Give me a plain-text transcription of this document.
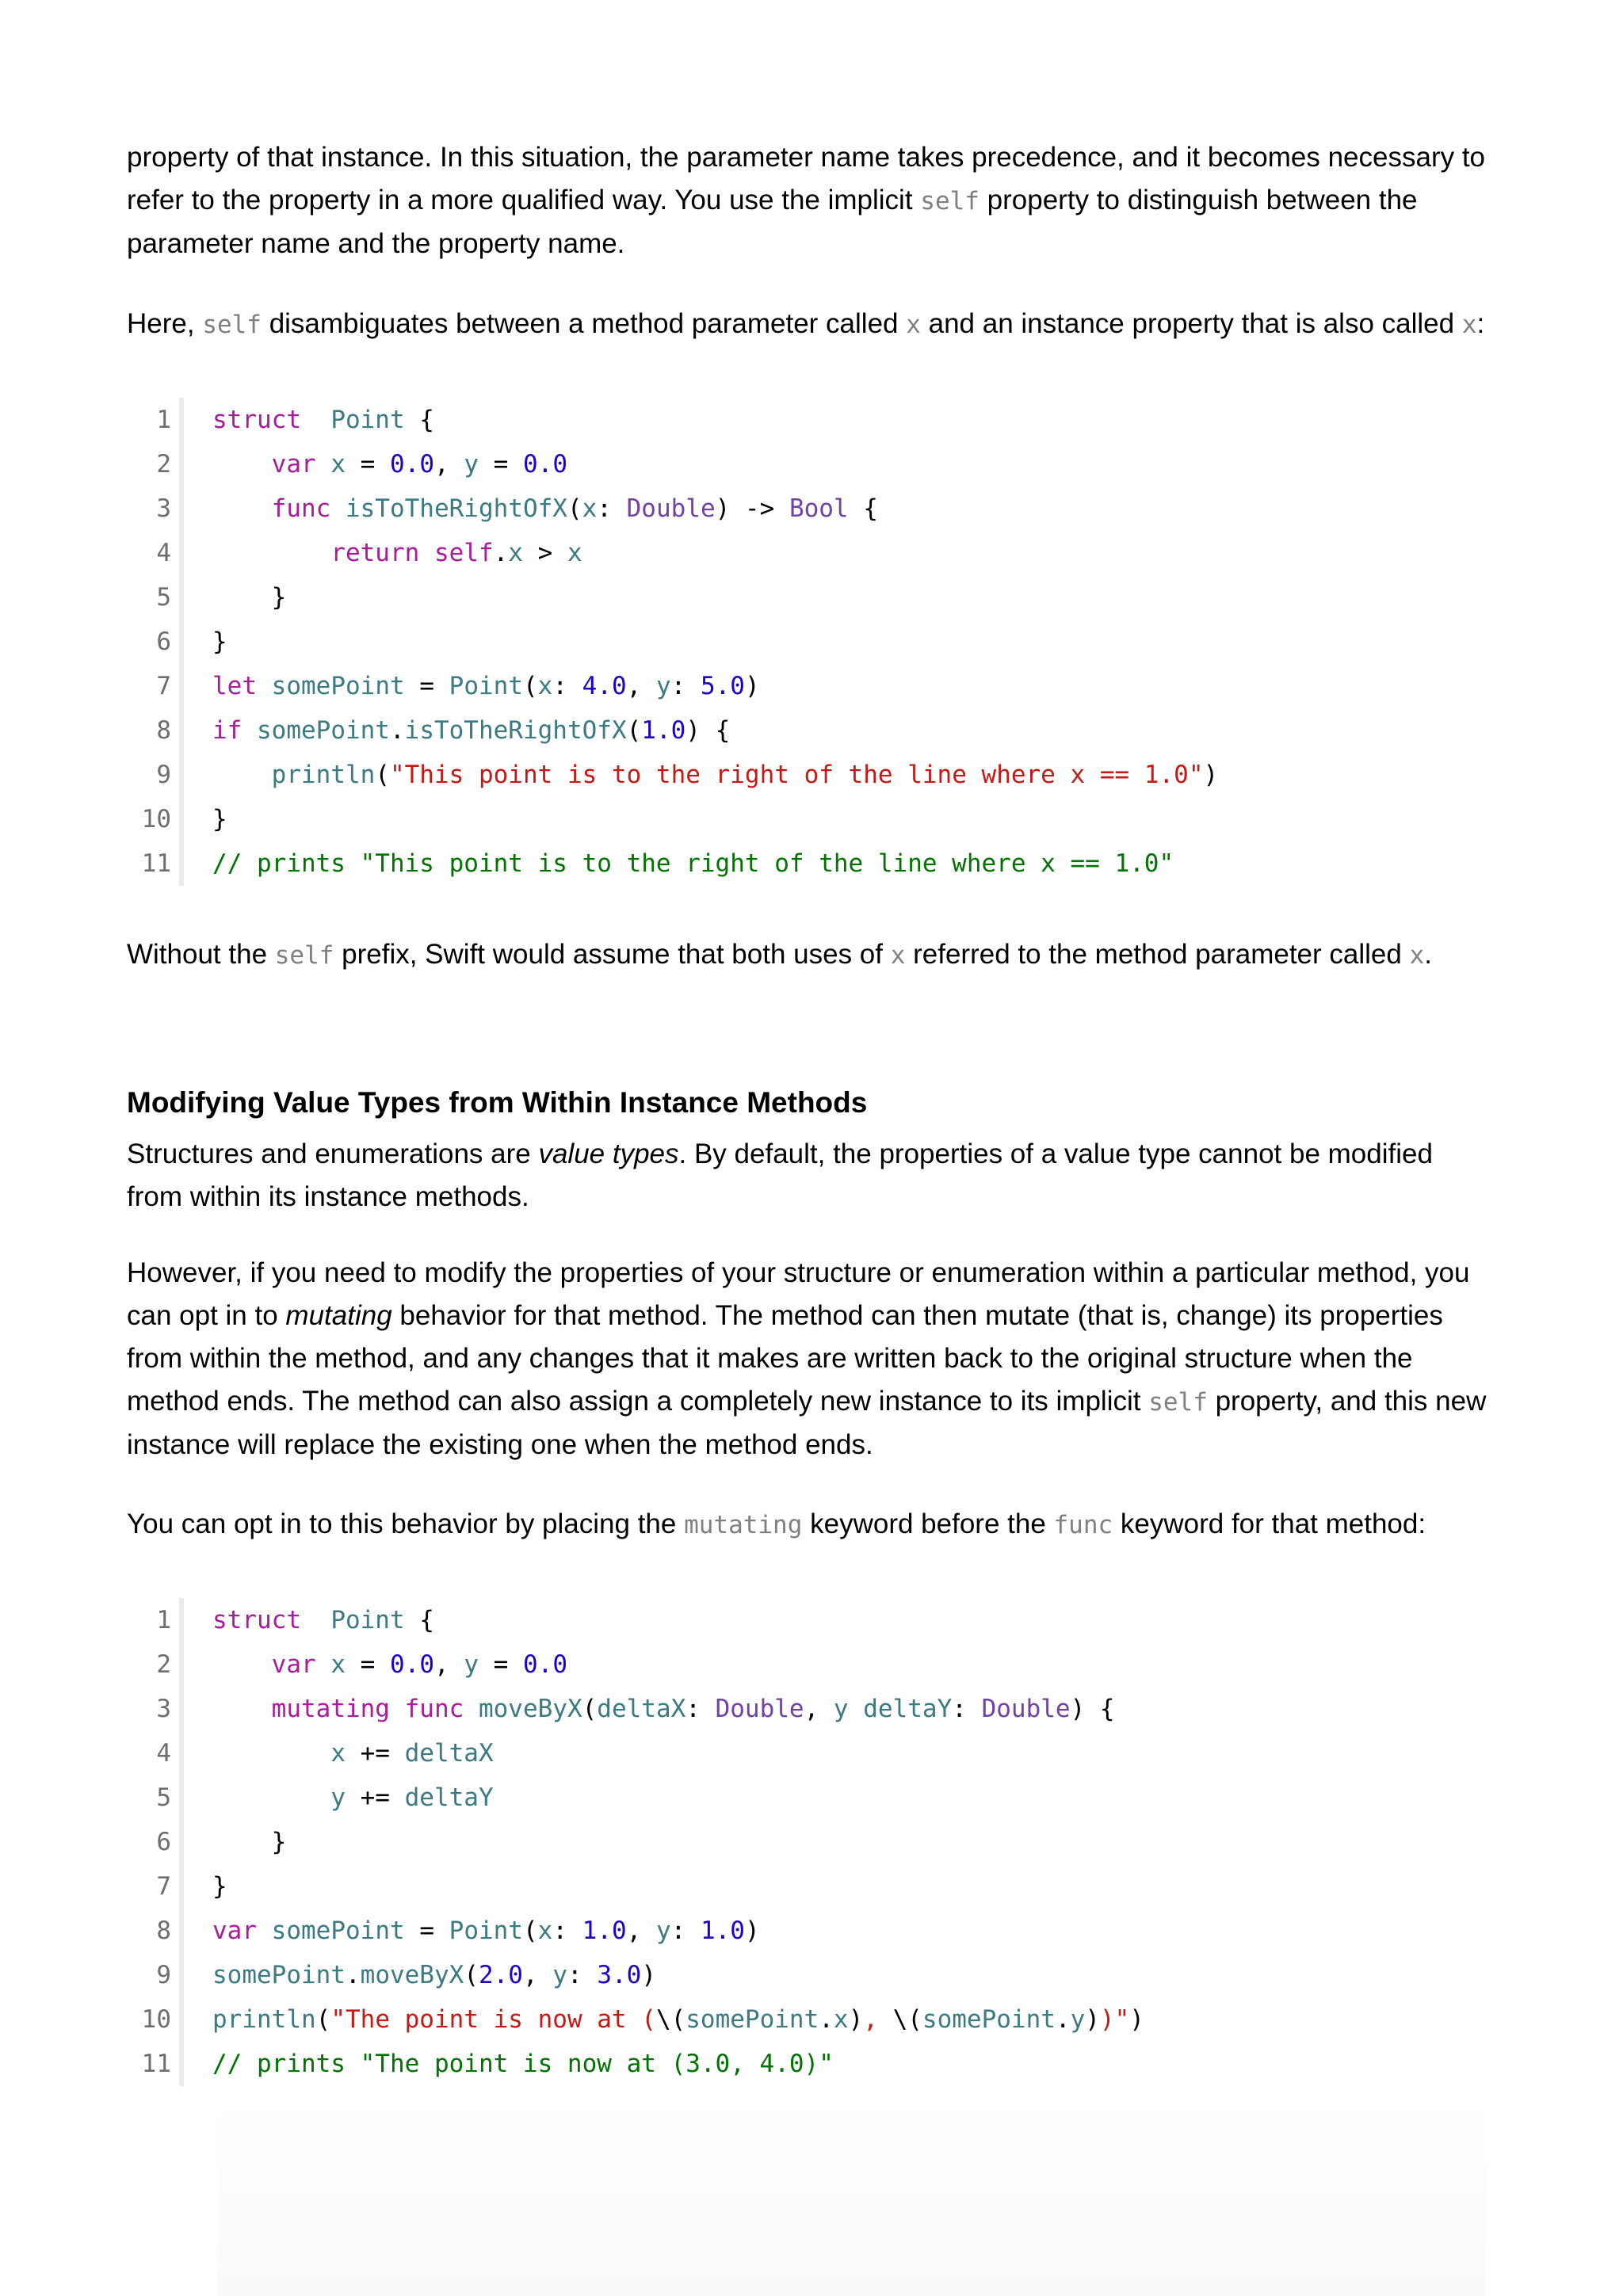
property of that instance. In this situation, the parameter name takes precedence, and it becomes necessary to refer to the property in a more qualified way. You use the implicit self property to distinguish between the parameter name and the property name.

Here, self disambiguates between a method parameter called x and an instance property that is also called x:

1 struct Point {
2	var x = 0.0, y = 0.0
3	func isToTheRightOfX(x: Double) -> Bool {
4	return self.x > x
5 }
6 }
7 let somePoint = Point(x: 4.0, y: 5.0)
8 if somePoint.isToTheRightOfX(1.0) {
9	println("This point is to the right of the line where x == 1.0")
10 }
11 // prints "This point is to the right of the line where x == 1.0"

Without the self prefix, Swift would assume that both uses of x referred to the method parameter called x.

Modifying Value Types from Within Instance Methods

Structures and enumerations are value types. By default, the properties of a value type cannot be modified from within its instance methods.

However, if you need to modify the properties of your structure or enumeration within a particular method, you can opt in to mutating behavior for that method. The method can then mutate (that is, change) its properties from within the method, and any changes that it makes are written back to the original structure when the method ends. The method can also assign a completely new instance to its implicit self property, and this new instance will replace the existing one when the method ends.

You can opt in to this behavior by placing the mutating keyword before the func keyword for that method:

1 struct Point {
2	var x = 0.0, y = 0.0
3	mutating func moveByX(deltaX: Double, y deltaY: Double) {
4	x += deltaX
5	y += deltaY
6 }
7 }
8 var somePoint = Point(x: 1.0, y: 1.0)
9 somePoint.moveByX(2.0, y: 3.0)
10 println("The point is now at (\(somePoint.x), \(somePoint.y))")
11 // prints "The point is now at (3.0, 4.0)"
